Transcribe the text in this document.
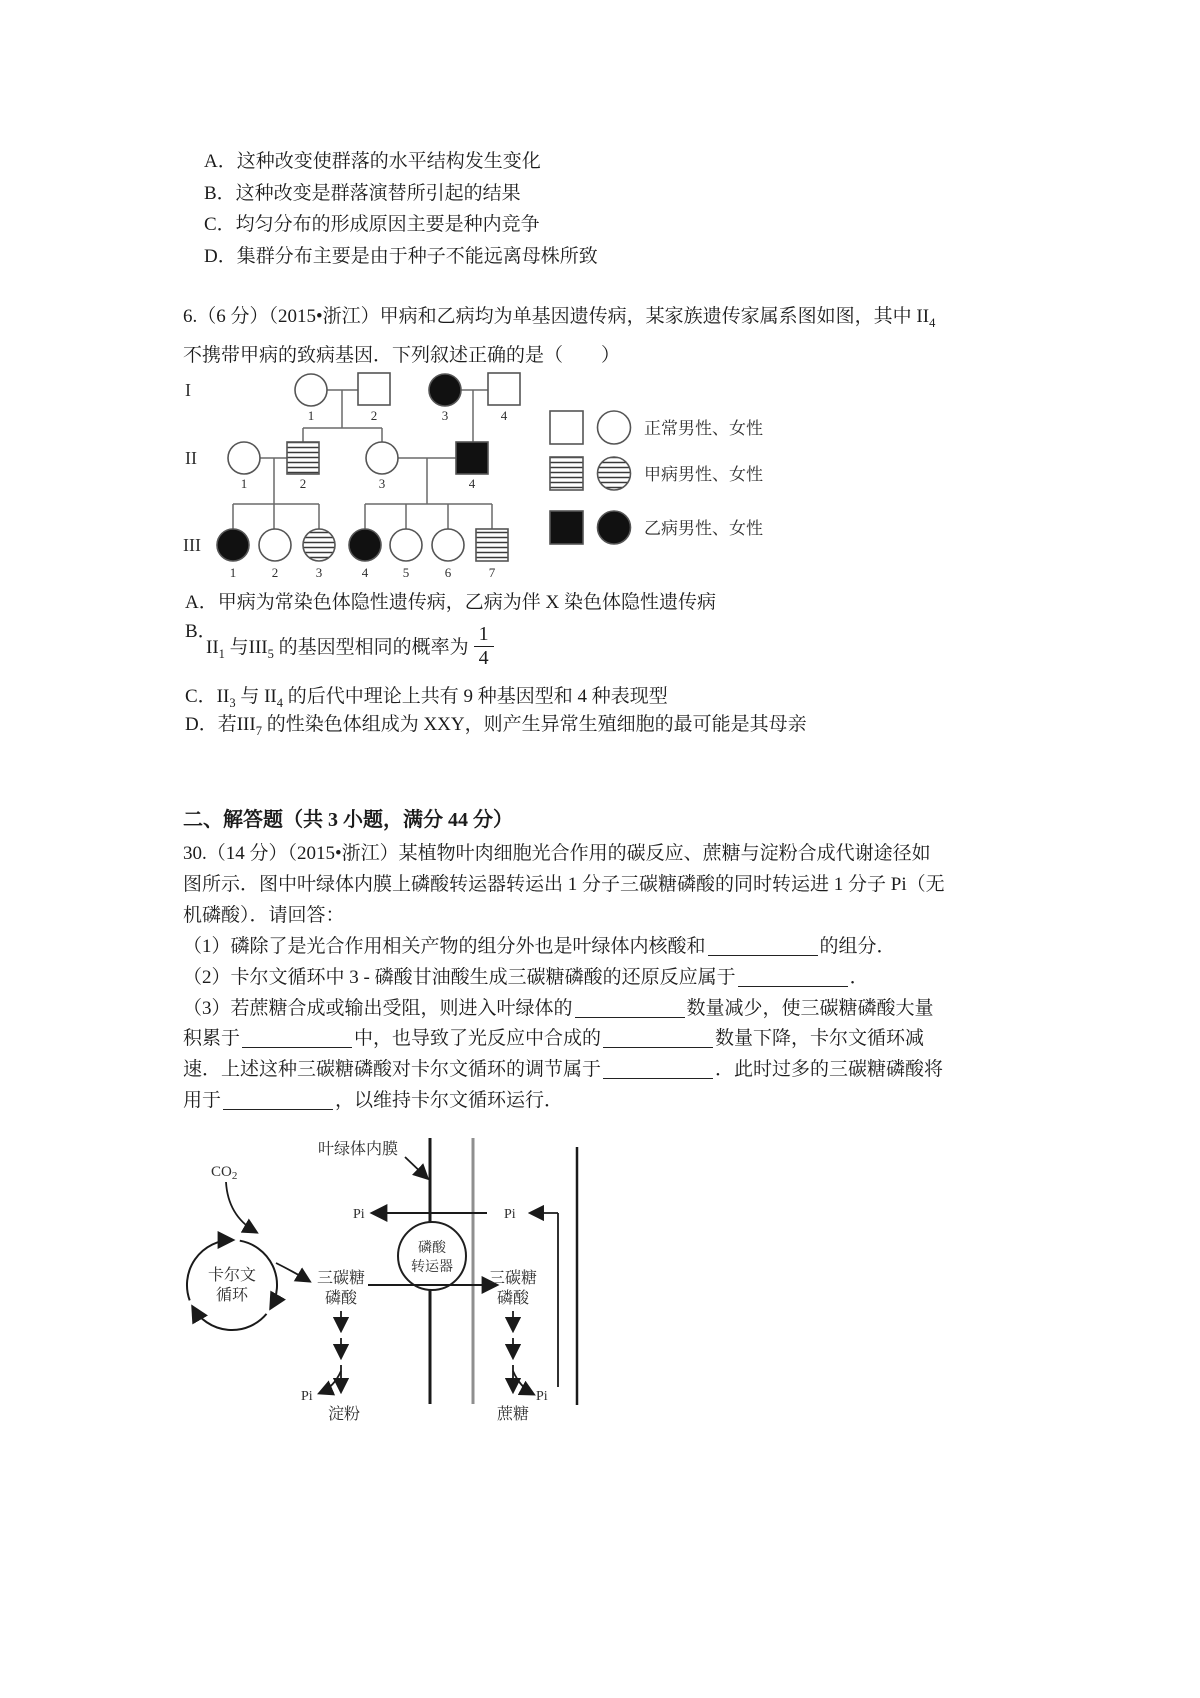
A．这种改变使群落的水平结构发生变化
B．这种改变是群落演替所引起的结果
C．均匀分布的形成原因主要是种内竞争
D．集群分布主要是由于种子不能远离母株所致
6.（6 分）（2015•浙江）甲病和乙病均为单基因遗传病，某家族遗传家属系图如图，其中 $II_4$
不携带甲病的致病基因．下列叙述正确的是（　　）
I
II
III
1	2	3	4
1	2	3	4
1	2	3	4	5	6	7
正常男性、女性
甲病男性、女性
乙病男性、女性
A．甲病为常染色体隐性遗传病，乙病为伴 X 染色体隐性遗传病
B．
$II_1$ 与$III_5$ 的基因型相同的概率为 $\frac{1}{4}$
C．$II_3$ 与 $II_4$ 的后代中理论上共有 9 种基因型和 4 种表现型
D．若$III_7$ 的性染色体组成为 XXY，则产生异常生殖细胞的最可能是其母亲
二、解答题（共 3 小题，满分 44 分）
30.（14 分）（2015•浙江）某植物叶肉细胞光合作用的碳反应、蔗糖与淀粉合成代谢途径如
图所示．图中叶绿体内膜上磷酸转运器转运出 1 分子三碳糖磷酸的同时转运进 1 分子 Pi（无
机磷酸）．请回答：
（1）磷除了是光合作用相关产物的组分外也是叶绿体内核酸和	的组分．
（2）卡尔文循环中 3 - 磷酸甘油酸生成三碳糖磷酸的还原反应属于	．
（3）若蔗糖合成或输出受阻，则进入叶绿体的	数量减少，使三碳糖磷酸大量
积累于	中，也导致了光反应中合成的	数量下降，卡尔文循环减
速．上述这种三碳糖磷酸对卡尔文循环的调节属于	．此时过多的三碳糖磷酸将
用于	，以维持卡尔文循环运行．
叶绿体内膜
$CO_2$
卡尔文
循环
三碳糖
磷酸
磷酸
转运器
三碳糖
磷酸
Pi	Pi
Pi	Pi
淀粉	蔗糖
